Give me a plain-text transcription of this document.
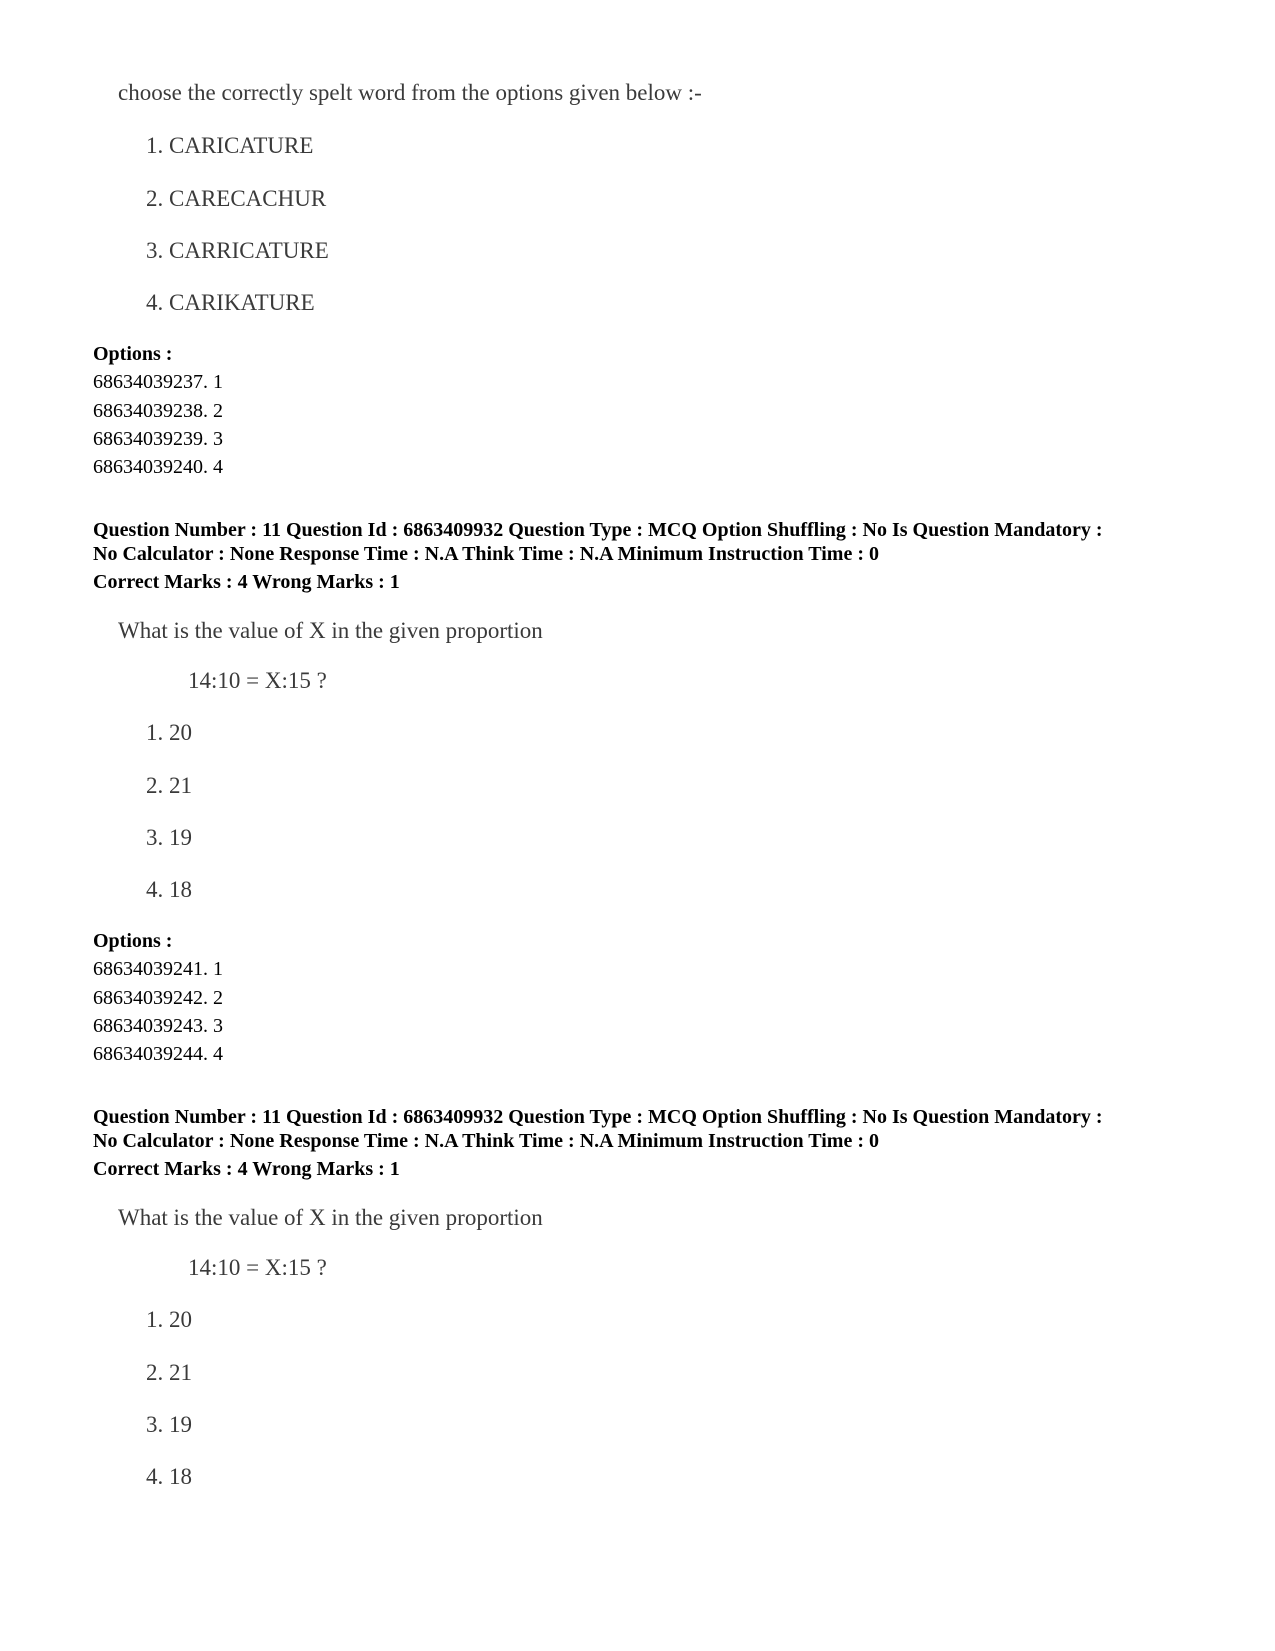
choose the correctly spelt word from the options given below :-
1. CARICATURE
2. CARECACHUR
3. CARRICATURE
4. CARIKATURE
Options :
68634039237. 1
68634039238. 2
68634039239. 3
68634039240. 4
Question Number : 11 Question Id : 6863409932 Question Type : MCQ Option Shuffling : No Is Question Mandatory :
No Calculator : None Response Time : N.A Think Time : N.A Minimum Instruction Time : 0
Correct Marks : 4 Wrong Marks : 1
What is the value of X in the given proportion
14:10 = X:15 ?
1. 20
2. 21
3. 19
4. 18
Options :
68634039241. 1
68634039242. 2
68634039243. 3
68634039244. 4
Question Number : 11 Question Id : 6863409932 Question Type : MCQ Option Shuffling : No Is Question Mandatory :
No Calculator : None Response Time : N.A Think Time : N.A Minimum Instruction Time : 0
Correct Marks : 4 Wrong Marks : 1
What is the value of X in the given proportion
14:10 = X:15 ?
1. 20
2. 21
3. 19
4. 18
